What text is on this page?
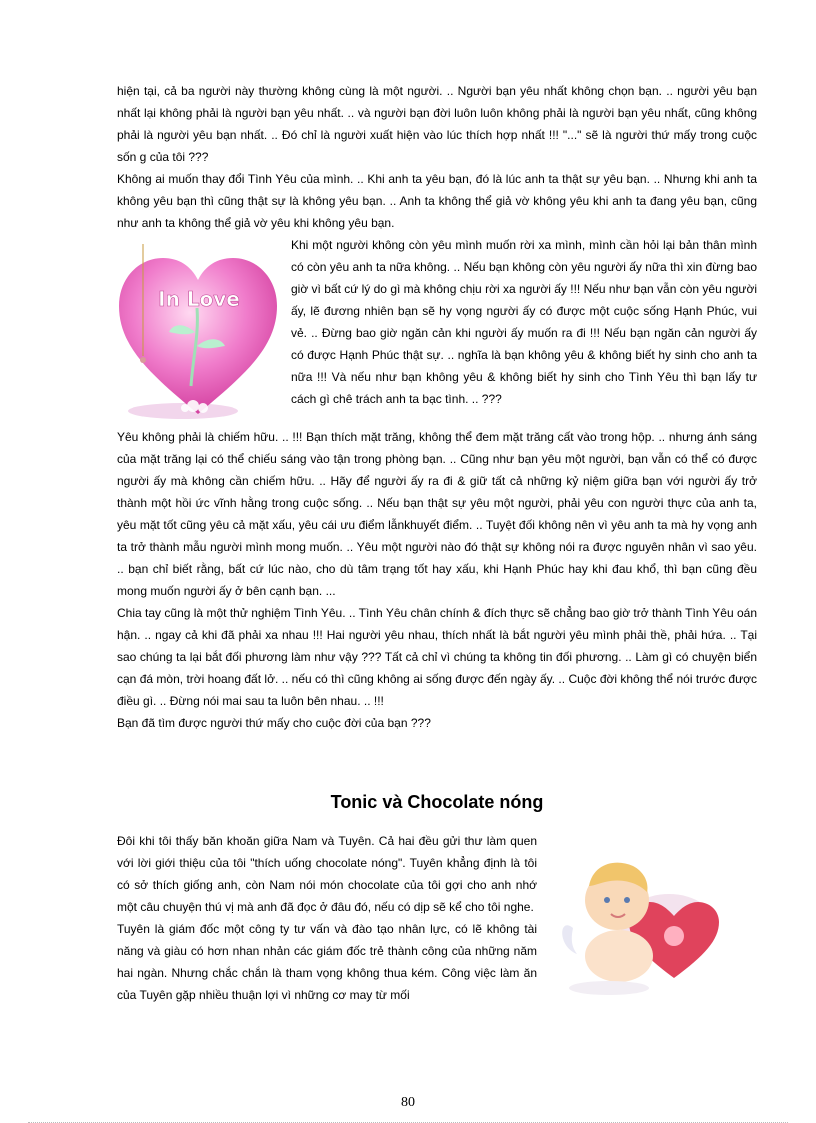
hiện tại, cả ba người này thường không cùng là một người. .. Người bạn yêu nhất không chọn bạn. .. người yêu bạn nhất lại không phải là người bạn yêu nhất. .. và người bạn đời luôn luôn không phải là người bạn yêu nhất, cũng không phải là người yêu bạn nhất. .. Đó chỉ là người xuất hiện vào lúc thích hợp nhất !!! "..." sẽ là người thứ mấy trong cuộc sốn g của tôi ???

Không ai muốn thay đổi Tình Yêu của mình. .. Khi anh ta yêu bạn, đó là lúc anh ta thật sự yêu bạn. .. Nhưng khi anh ta không yêu bạn thì cũng thật sự là không yêu bạn. .. Anh ta không thể giả vờ không yêu khi anh ta đang yêu bạn, cũng như anh ta không thể giả vờ yêu khi không yêu bạn.

In Love

Khi một người không còn yêu mình muốn rời xa mình, mình cần hỏi lại bản thân mình có còn yêu anh ta nữa không. .. Nếu bạn không còn yêu người ấy nữa thì xin đừng bao giờ vì bất cứ lý do gì mà không chịu rời xa người ấy !!! Nếu như bạn vẫn còn yêu người ấy, lẽ đương nhiên bạn sẽ hy vọng người ấy có được một cuộc sống Hạnh Phúc, vui vẻ. .. Đừng bao giờ ngăn cản khi người ấy muốn ra đi !!! Nếu bạn ngăn cản người ấy có được Hạnh Phúc thật sự. .. nghĩa là bạn không yêu & không biết hy sinh cho anh ta nữa !!! Và nếu như bạn không yêu & không biết hy sinh cho Tình Yêu thì bạn lấy tư cách gì chê trách anh ta bạc tình. .. ???

Yêu không phải là chiếm hữu. .. !!! Bạn thích mặt trăng, không thể đem mặt trăng cất vào trong hộp. .. nhưng ánh sáng của mặt trăng lại có thể chiếu sáng vào tận trong phòng bạn. .. Cũng như bạn yêu một người, bạn vẫn có thể có được người ấy mà không cần chiếm hữu. .. Hãy để người ấy ra đi & giữ tất cả những kỷ niệm giữa bạn với người ấy trở thành một hồi ức vĩnh hằng trong cuộc sống. .. Nếu bạn thật sự yêu một người, phải yêu con người thực của anh ta, yêu mặt tốt cũng yêu cả mặt xấu, yêu cái ưu điểm lẫnkhuyết điểm. .. Tuyệt đối không nên vì yêu anh ta mà hy vọng anh ta trở thành mẫu người mình mong muốn. .. Yêu một người nào đó thật sự không nói ra được nguyên nhân vì sao yêu. .. bạn chỉ biết rằng, bất cứ lúc nào, cho dù tâm trạng tốt hay xấu, khi Hạnh Phúc hay khi đau khổ, thì bạn cũng đều mong muốn người ấy ở bên cạnh bạn. ...

Chia tay cũng là một thử nghiệm Tình Yêu. .. Tình Yêu chân chính & đích thực sẽ chẳng bao giờ trở thành Tình Yêu oán hận. .. ngay cả khi đã phải xa nhau !!! Hai người yêu nhau, thích nhất là bắt người yêu mình phải thề, phải hứa. .. Tại sao chúng ta lại bắt đối phương làm như vậy ??? Tất cả chỉ vì chúng ta không tin đối phương. .. Làm gì có chuyện biển cạn đá mòn, trời hoang đất lở. .. nếu có thì cũng không ai sống được đến ngày ấy. .. Cuộc đời không thể nói trước được điều gì. .. Đừng nói mai sau ta luôn bên nhau. .. !!!

Bạn đã tìm được người thứ mấy cho cuộc đời của bạn ???

Tonic và Chocolate nóng

Đôi khi tôi thấy băn khoăn giữa Nam và Tuyên. Cả hai đều gửi thư làm quen với lời giới thiệu của tôi "thích uống chocolate nóng". Tuyên khẳng định là tôi có sở thích giống anh, còn Nam nói món chocolate của tôi gợi cho anh nhớ một câu chuyện thú vị mà anh đã đọc ở đâu đó, nếu có dịp sẽ kể cho tôi nghe.

Tuyên là giám đốc một công ty tư vấn và đào tạo nhân lực, có lẽ không tài năng và giàu có hơn nhan nhản các giám đốc trẻ thành công của những năm hai ngàn. Nhưng chắc chắn là tham vọng không thua kém. Công việc làm ăn của Tuyên gặp nhiều thuận lợi vì những cơ may từ mối

80
